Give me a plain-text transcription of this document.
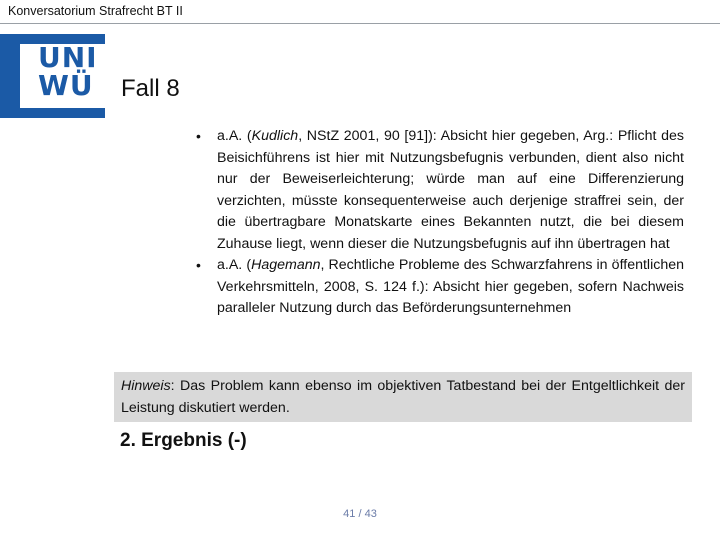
Konversatorium Strafrecht BT II
UNI
WÜ Fall 8
• a.A. (Kudlich, NStZ 2001, 90 [91]): Absicht hier gegeben, Arg.: Pflicht des Beisichführens ist hier mit Nutzungsbefugnis verbunden, dient also nicht nur der Beweiserleichterung; würde man auf eine Differenzierung verzichten, müsste konsequenterweise auch derjenige straffrei sein, der die übertragbare Monatskarte eines Bekannten nutzt, die bei diesem Zuhause liegt, wenn dieser die Nutzungsbefugnis auf ihn übertragen hat
• a.A. (Hagemann, Rechtliche Probleme des Schwarzfahrens in öffentlichen Verkehrsmitteln, 2008, S. 124 f.): Absicht hier gegeben, sofern Nachweis paralleler Nutzung durch das Beförderungsunternehmen

Hinweis: Das Problem kann ebenso im objektiven Tatbestand bei der Entgeltlichkeit der Leistung diskutiert werden.

2. Ergebnis (-)
41 / 43
